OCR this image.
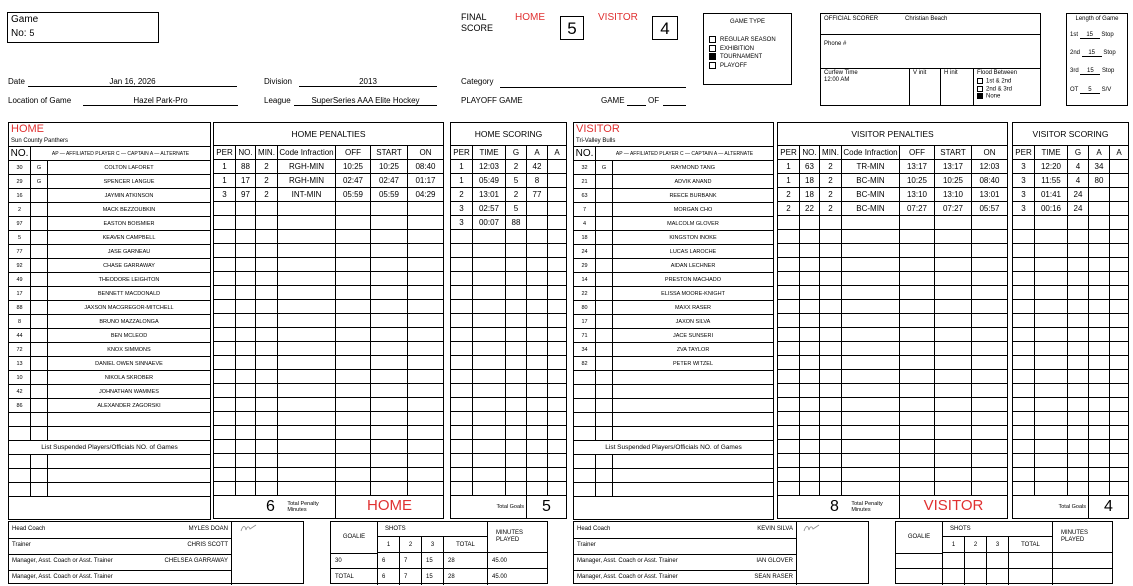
Game
No: 5
FINAL SCORE
HOME
5
VISITOR
4	GAME TYPE
REGULAR SEASON
EXHIBITION
TOURNAMENT
PLAYOFF
OFFICIAL SCORER	Christian Beach
Phone #
Curfew Time
12:00 AM
V init	H init	Flood Between
1st & 2nd
2nd & 3rd
None
Length of Game
1st 15 Stop
2nd 15 Stop
3rd 15 Stop
OT 5 S/V
Date	Jan 16, 2026	Division	2013	Category
Location of Game	Hazel Park-Pro	League	SuperSeries AAA Elite Hockey	PLAYOFF GAME	GAME	OF
HOME		
Sun County Panthers		
NO.	AP — AFFILIATED PLAYER C — CAPTAIN A — ALTERNATE	
30	G	COLTON LAFORET
29	G	SPENCER LANGUE
16		JAYMIN ATKINSON
2		MACK BEZZOUBKIN
97		EASTON BOISMIER
5		KEAVEN CAMPBELL
77		JASE GARNEAU
92		CHASE GARRAWAY
49		THEODORE LEIGHTON
17		BENNETT MACDONALD
88		JAXSON MACGREGOR-MITCHELL
8		BRUNO MAZZALONGA
44		BEN MCLEOD
72		KNOX SIMMONS
13		DANIEL OWEN SINNAEVE
10		NIKOLA SKROBER
42		JOHNATHAN WAMMES
86		ALEXANDER ZAGORSKI

List Suspended Players/Officials NO. of Games		

HOME PENALTIES						
PER	NO.	MIN.	Code Infraction	OFF	START	ON
1	88	2	RGH-MIN	10:25	10:25	08:40
1	17	2	RGH-MIN	02:47	02:47	01:17
3	97	2	INT-MIN	05:59	05:59	04:29

		6 Total Penalty Minutes		HOME		
HOME SCORING				
PER	TIME	G	A	A
1	12:03	2	42	
1	05:49	5	8	
2	13:01	2	77	
3	02:57	5		
3	00:07	88		

Total Goals			5	
VISITOR		
Tri-Valley Bulls		
NO.	AP — AFFILIATED PLAYER C — CAPTAIN A — ALTERNATE	
32	G	RAYMOND TANG
21		ADVIK ANAND
63		REECE BURBANK
7		MORGAN CHO
4		MALCOLM GLOVER
18		KINGSTON INOKE
24		LUCAS LAROCHE
29		AIDAN LECHNER
14		PRESTON MACHADO
22		ELISSA MOORE-KNIGHT
80		MAXX RASER
17		JAXON SILVA
71		JACE SUNSERI
34		ZVA TAYLOR
82		PETER WITZEL

List Suspended Players/Officials NO. of Games		

VISITOR PENALTIES						
PER	NO.	MIN.	Code Infraction	OFF	START	ON
1	63	2	TR-MIN	13:17	13:17	12:03
1	18	2	BC-MIN	10:25	10:25	08:40
2	18	2	BC-MIN	13:10	13:10	13:01
2	22	2	BC-MIN	07:27	07:27	05:57

		8 Total Penalty Minutes		VISITOR		
VISITOR SCORING				
PER	TIME	G	A	A
3	12:20	4	34	
3	11:55	4	80	
3	01:41	24		
3	00:16	24		

Total Goals			4	
Head Coach	MYLES DOAN
Trainer	CHRIS SCOTT
Manager, Asst. Coach or Asst. Trainer	CHELSEA GARRAWAY
Manager, Asst. Coach or Asst. Trainer
GOALIE
SHOTS
1	2	3	TOTAL
MINUTES PLAYED
30	6	7	15	28	45.00
TOTAL	6	7	15	28	45.00
Head Coach	KEVIN SILVA
Trainer
Manager, Asst. Coach or Asst. Trainer	IAN GLOVER
Manager, Asst. Coach or Asst. Trainer	SEAN RASER
GOALIE
SHOTS
1	2	3	TOTAL
MINUTES PLAYED
